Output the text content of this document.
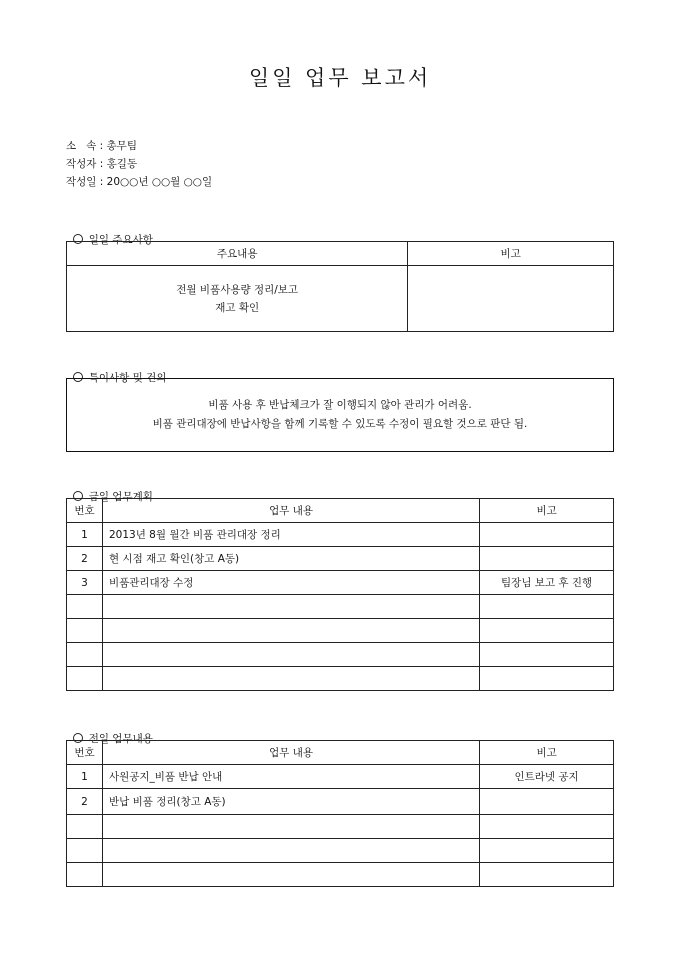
일일 업무 보고서
소   속 : 총무팀
작성자 : 홍길동
작성일 : 20○○년 ○○월 ○○일

일일 주요사항

주요내용	비고

전월 비품사용량 정리/보고
재고 확인	

특이사항 및 건의

비품 사용 후 반납체크가 잘 이행되지 않아 관리가 어려움.
비품 관리대장에 반납사항을 함께 기록할 수 있도록 수정이 필요할 것으로 판단 됨.

금일 업무계획

번호	업무 내용	비고
1	2013년 8월 월간 비품 관리대장 정리	
2	현 시점 재고 확인(창고 A동)	
3	비품관리대장 수정	팀장님 보고 후 진행

전일 업무내용

번호	업무 내용	비고
1	사원공지_비품 반납 안내	인트라넷 공지
2	반납 비품 정리(창고 A동)	
